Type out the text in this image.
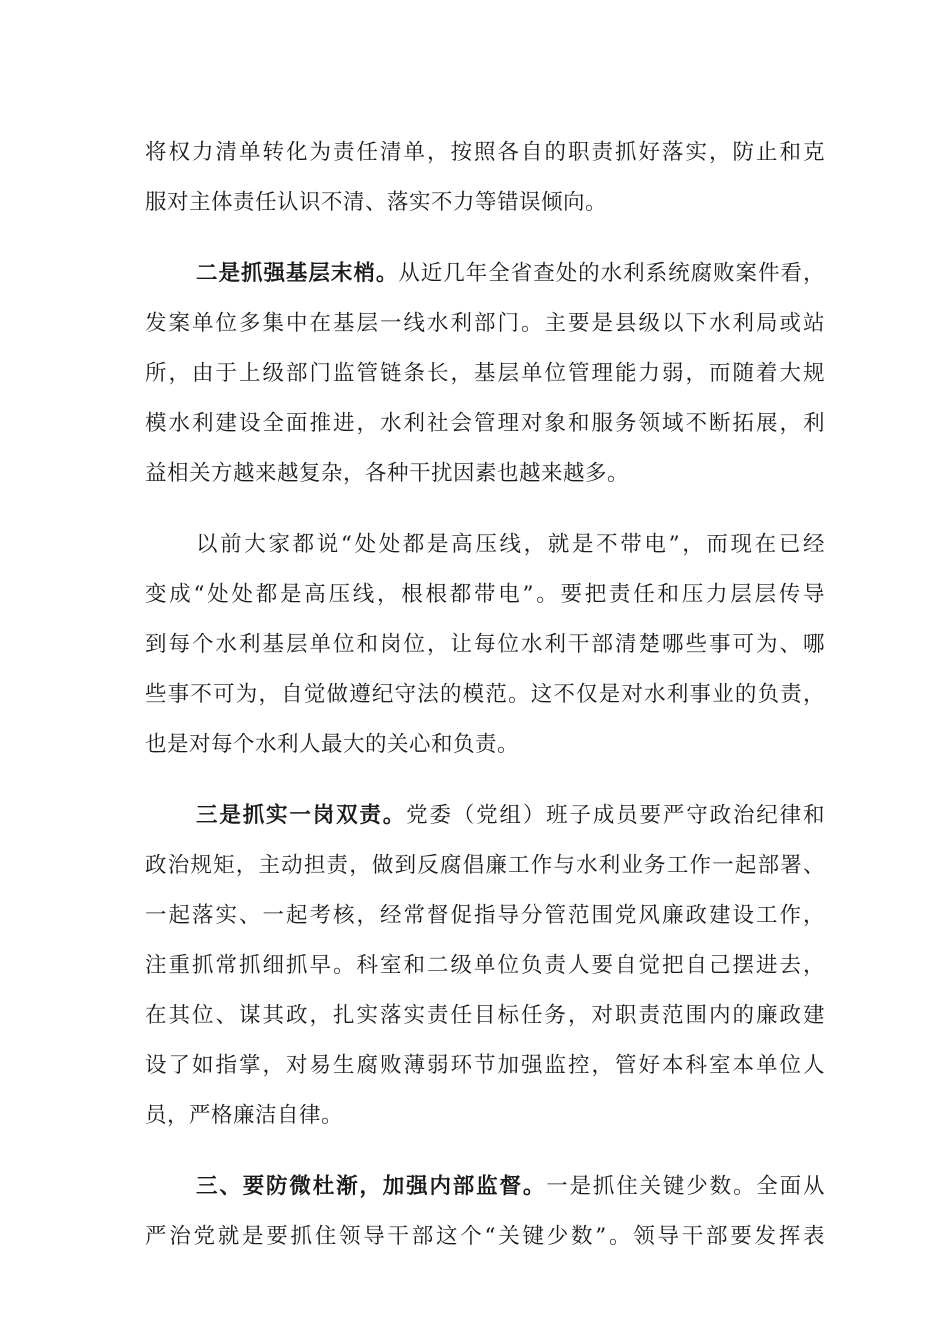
将权力清单转化为责任清单，按照各自的职责抓好落实，防止和克
服对主体责任认识不清、落实不力等错误倾向。
二是抓强基层末梢。从近几年全省查处的水利系统腐败案件看，
发案单位多集中在基层一线水利部门。主要是县级以下水利局或站
所，由于上级部门监管链条长，基层单位管理能力弱，而随着大规
模水利建设全面推进，水利社会管理对象和服务领域不断拓展，利
益相关方越来越复杂，各种干扰因素也越来越多。
以前大家都说“处处都是高压线，就是不带电”，而现在已经
变成“处处都是高压线，根根都带电”。要把责任和压力层层传导
到每个水利基层单位和岗位，让每位水利干部清楚哪些事可为、哪
些事不可为，自觉做遵纪守法的模范。这不仅是对水利事业的负责，
也是对每个水利人最大的关心和负责。
三是抓实一岗双责。党委（党组）班子成员要严守政治纪律和
政治规矩，主动担责，做到反腐倡廉工作与水利业务工作一起部署、
一起落实、一起考核，经常督促指导分管范围党风廉政建设工作，
注重抓常抓细抓早。科室和二级单位负责人要自觉把自己摆进去，
在其位、谋其政，扎实落实责任目标任务，对职责范围内的廉政建
设了如指掌，对易生腐败薄弱环节加强监控，管好本科室本单位人
员，严格廉洁自律。
三、要防微杜渐，加强内部监督。一是抓住关键少数。全面从
严治党就是要抓住领导干部这个“关键少数”。领导干部要发挥表
